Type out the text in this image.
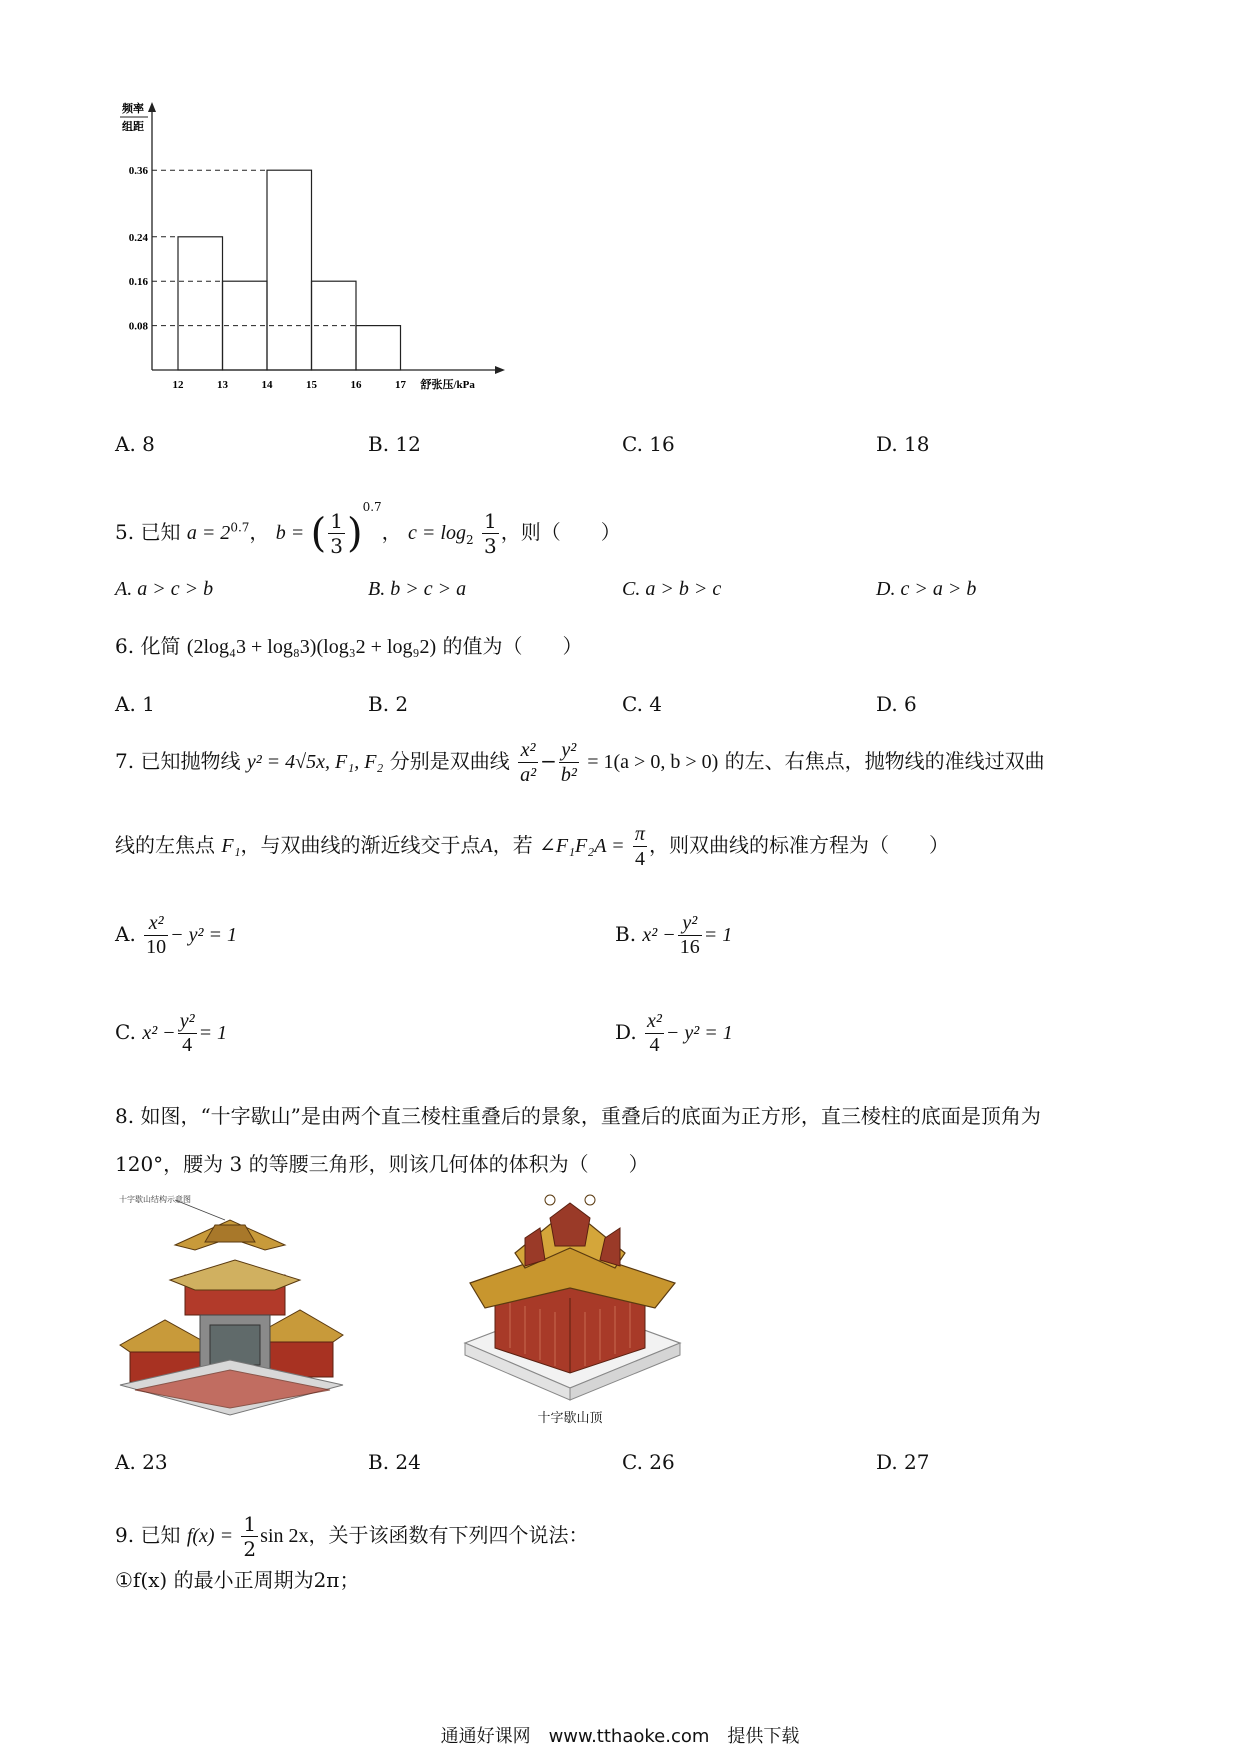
频率
组距
0.36
0.24
0.16
0.08
12	13	14	15	16	17 舒张压/kPa
A. 8	B. 12	C. 16	D. 18
5. 已知 $a = 2^{0.7}$， b = ( $\frac{1}{3} )^{0.7}$， $c = \log_2 \frac{1}{3}$ ，则（　　）
A. a > c > b	B. b > c > a	C. a > b > c	D. c > a > b
6. 化简 (2log₄3 + log₈3)(log₃2 + log₉2) 的值为（　　）
A. 1	B. 2	C. 4	D. 6
7. 已知抛物线 y² = 4√5x, F₁, F₂ 分别是双曲线 $\frac{\text{x²}}{\text{a²}} - \frac{\text{y²}}{\text{b²}} = 1(a > 0$, b > 0) 的左、右焦点，抛物线的准线过双曲
线的左焦点 F₁，与双曲线的渐近线交于点A，若 ∠F₁F₂A = $\frac{\pi}{4}$ ，则双曲线的标准方程为（　　）
A. $\frac{\text{x²}}{10} - y^2 = 1$	B. $x^2 - \frac{\text{y²}}{16} = 1$
C. $x^2 - \frac{\text{y²}}{4} = 1$	D. $\frac{\text{x²}}{4} - y^2 = 1$
8. 如图，“十字歇山”是由两个直三棱柱重叠后的景象，重叠后的底面为正方形，直三棱柱的底面是顶角为
120°，腰为 3 的等腰三角形，则该几何体的体积为（　　）
十字歇山结构示意图
十字歇山顶
A. 23	B. 24	C. 26	D. 27
9. 已知 $f(x) = \frac{1}{2}$ sin 2x，关于该函数有下列四个说法：
①f(x) 的最小正周期为2π；
通通好课网　www.tthaoke.com　提供下载
